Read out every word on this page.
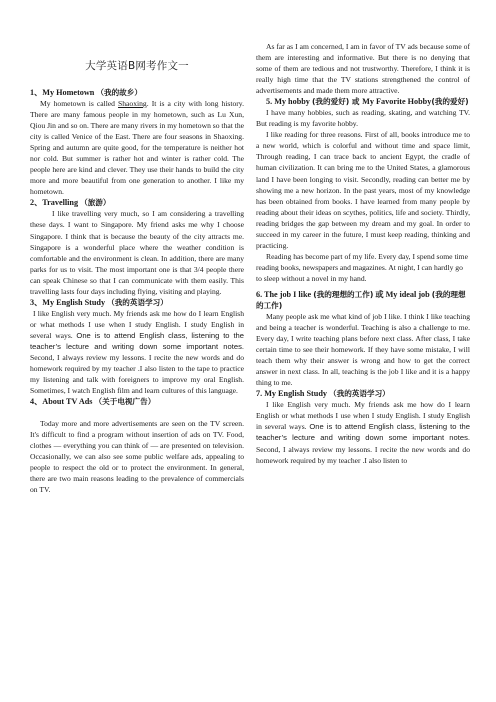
大学英语B网考作文一

1、My Hometown （我的故乡）

My hometown is called Shaoxing. It is a city with long history. There are many famous people in my hometown, such as Lu Xun, Qiou Jin and so on. There are many rivers in my hometown so that the city is called Venice of the East. There are four seasons in Shaoxing. Spring and autumn are quite good, for the temperature is neither hot nor cold. But summer is rather hot and winter is rather cold. The people here are kind and clever. They use their hands to build the city more and more beautiful from one generation to another. I like my hometown.

2、Travelling （旅游）

I like travelling very much, so I am considering a travelling these days. I want to Singapore. My friend asks me why I choose Singapore. I think that is because the beauty of the city attracts me. Singapore is a wonderful place where the weather condition is comfortable and the environment is clean. In addition, there are many parks for us to visit. The most important one is that 3/4 people there can speak Chinese so that I can communicate with them easily. This travelling lasts four days including flying, visiting and playing.

3、My English Study （我的英语学习）

I like English very much. My friends ask me how do I learn English or what methods I use when I study English. I study English in several ways. One is to attend English class, listening to the teacher’s lecture and writing down some important notes. Second, I always review my lessons. I recite the new words and do homework required by my teacher .I also listen to the tape to practice my listening and talk with foreigners to improve my oral English. Sometimes, I watch English film and learn cultures of this language.

4、About TV Ads （关于电视广告）

Today more and more advertisements are seen on the TV screen. It's difficult to find a program without insertion of ads on TV. Food, clothes — everything you can think of — are presented on television. Occasionally, we can also see some public welfare ads, appealing to people to respect the old or to protect the environment. In general, there are two main reasons leading to the prevalence of commercials on TV.

As far as I am concerned, I am in favor of TV ads because some of them are interesting and informative. But there is no denying that some of them are tedious and not trustworthy. Therefore, I think it is really high time that the TV stations strengthened the control of advertisements and made them more attractive.

5. My hobby (我的爱好) 或 My Favorite Hobby(我的爱好)

I have many hobbies, such as reading, skating, and watching TV. But reading is my favorite hobby.

I like reading for three reasons. First of all, books introduce me to a new world, which is colorful and without time and space limit, Through reading, I can trace back to ancient Egypt, the cradle of human civilization. It can bring me to the United States, a glamorous land I have been longing to visit. Secondly, reading can better me by showing me a new horizon. In the past years, most of my knowledge has been obtained from books. I have learned from many people by reading about their ideas on scythes, politics, life and society. Thirdly, reading bridges the gap between my dream and my goal. In order to succeed in my career in the future, I must keep reading, thinking and practicing.

Reading has become part of my life. Every day, I spend some time reading books, newspapers and magazines. At night, I can hardly go to sleep without a novel in my hand.

6. The job I like (我的理想的工作) 或 My ideal job (我的理想的工作)

Many people ask me what kind of job I like. I think I like teaching and being a teacher is wonderful. Teaching is also a challenge to me. Every day, I write teaching plans before next class. After class, I take certain time to see their homework. If they have some mistake, I will teach them why their answer is wrong and how to get the correct answer in next class. In all, teaching is the job I like and it is a happy thing to me.

7. My English Study （我的英语学习）

I like English very much. My friends ask me how do I learn English or what methods I use when I study English. I study English in several ways. One is to attend English class, listening to the teacher’s lecture and writing down some important notes. Second, I always review my lessons. I recite the new words and do homework required by my teacher .I also listen to
